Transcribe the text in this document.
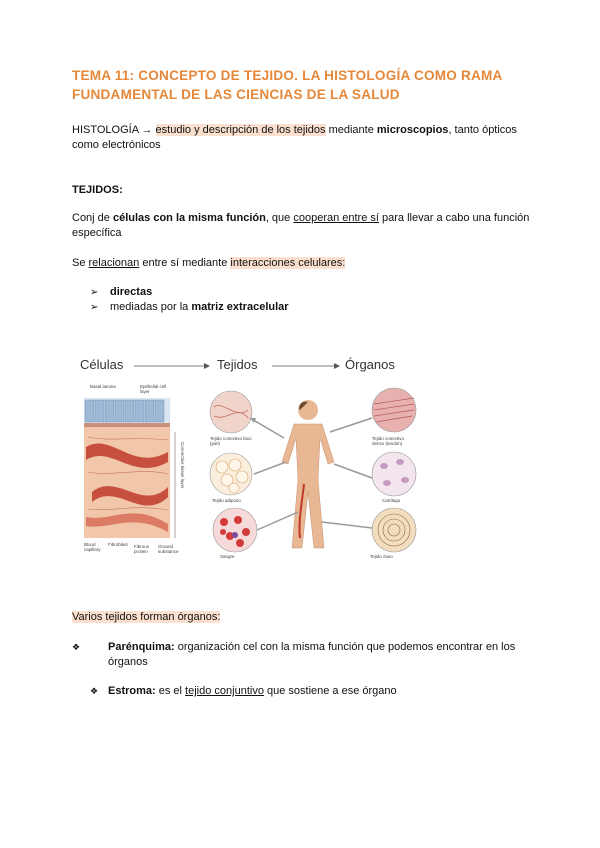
TEMA 11: CONCEPTO DE TEJIDO. LA HISTOLOGÍA COMO RAMA FUNDAMENTAL DE LAS CIENCIAS DE LA SALUD
HISTOLOGÍA → estudio y descripción de los tejidos mediante microscopios, tanto ópticos como electrónicos
TEJIDOS:
Conj de células con la misma función, que cooperan entre sí para llevar a cabo una función específica
Se relacionan entre sí mediante interacciones celulares:
➢ directas
➢ mediadas por la matriz extracelular
Células	Tejidos	Órganos
Basal lamina	Epithelial cell layer
Connective tissue layer
Blood capillary
Fibroblast	Fibrous protein
Ground substance
Tejido conectivo laxo (piel)
Tejido conectivo denso (tendón)
Tejido adiposo	Cartílago
Sangre	Tejido óseo
Varios tejidos forman órganos:
❖	Parénquima: organización cel con la misma función que podemos encontrar en los órganos
❖ Estroma: es el tejido conjuntivo que sostiene a ese órgano
